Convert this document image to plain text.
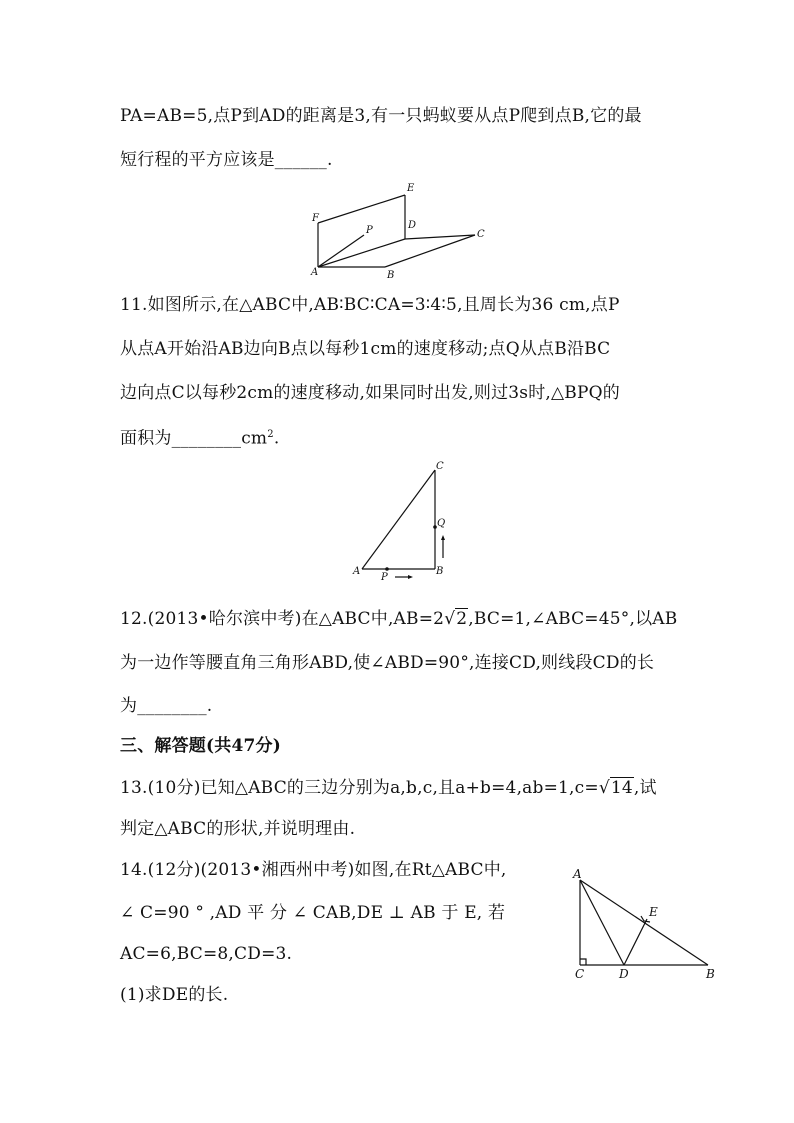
PA=AB=5,点P到AD的距离是3,有一只蚂蚁要从点P爬到点B,它的最
短行程的平方应该是______.
E
F
P	D
C
A	B
11.如图所示,在△ABC中,AB∶BC∶CA=3∶4∶5,且周长为36 cm,点P
从点A开始沿AB边向B点以每秒1cm的速度移动;点Q从点B沿BC
边向点C以每秒2cm的速度移动,如果同时出发,则过3s时,△BPQ的
面积为$\_\_\_\_\_\_\_\_cm^2$.
C
Q
A
P
B
12.(2013•哈尔滨中考)在△ABC中,AB=2√2,BC=1,∠ABC=45°,以AB
为一边作等腰直角三角形ABD,使∠ABD=90°,连接CD,则线段CD的长
为________.
三、解答题(共47分)
13.(10分)已知△ABC的三边分别为a,b,c,且a+b=4,ab=1,c=√14,试
判定△ABC的形状,并说明理由.
14.(12分)(2013•湘西州中考)如图,在Rt△ABC中,
∠ C=90 ° ,AD 平 分 ∠ CAB,DE ⊥ AB 于 E, 若
AC=6,BC=8,CD=3.
(1)求DE的长.
A
E
C	D	B
